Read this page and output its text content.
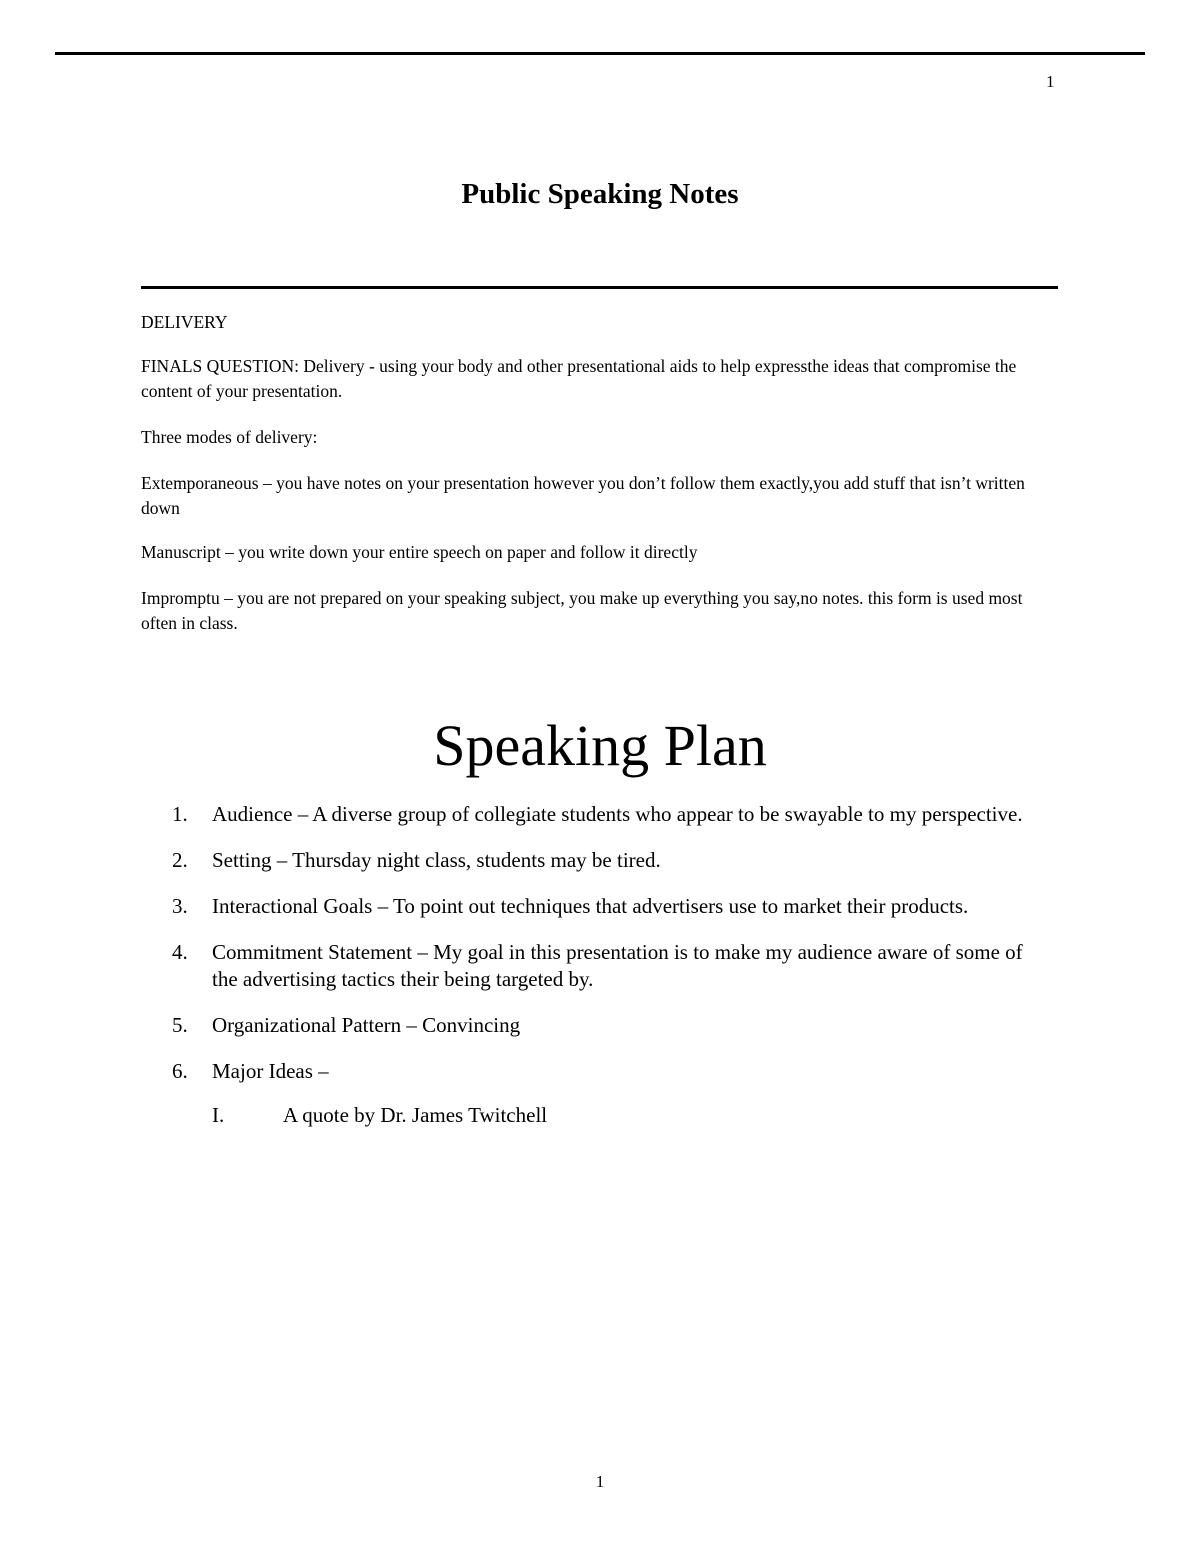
1
Public Speaking Notes

DELIVERY

FINALS QUESTION: Delivery - using your body and other presentational aids to help expressthe ideas that compromise the content of your presentation.

Three modes of delivery:

Extemporaneous – you have notes on your presentation however you don’t follow them exactly,you add stuff that isn’t written down

Manuscript – you write down your entire speech on paper and follow it directly

Impromptu – you are not prepared on your speaking subject, you make up everything you say,no notes. this form is used most often in class.

Speaking Plan
1. Audience – A diverse group of collegiate students who appear to be swayable to my perspective.
2. Setting – Thursday night class, students may be tired.
3. Interactional Goals – To point out techniques that advertisers use to market their products.
4. Commitment Statement – My goal in this presentation is to make my audience aware of some of the advertising tactics their being targeted by.
5. Organizational Pattern – Convincing
6. Major Ideas –
I.	A quote by Dr. James Twitchell
1
